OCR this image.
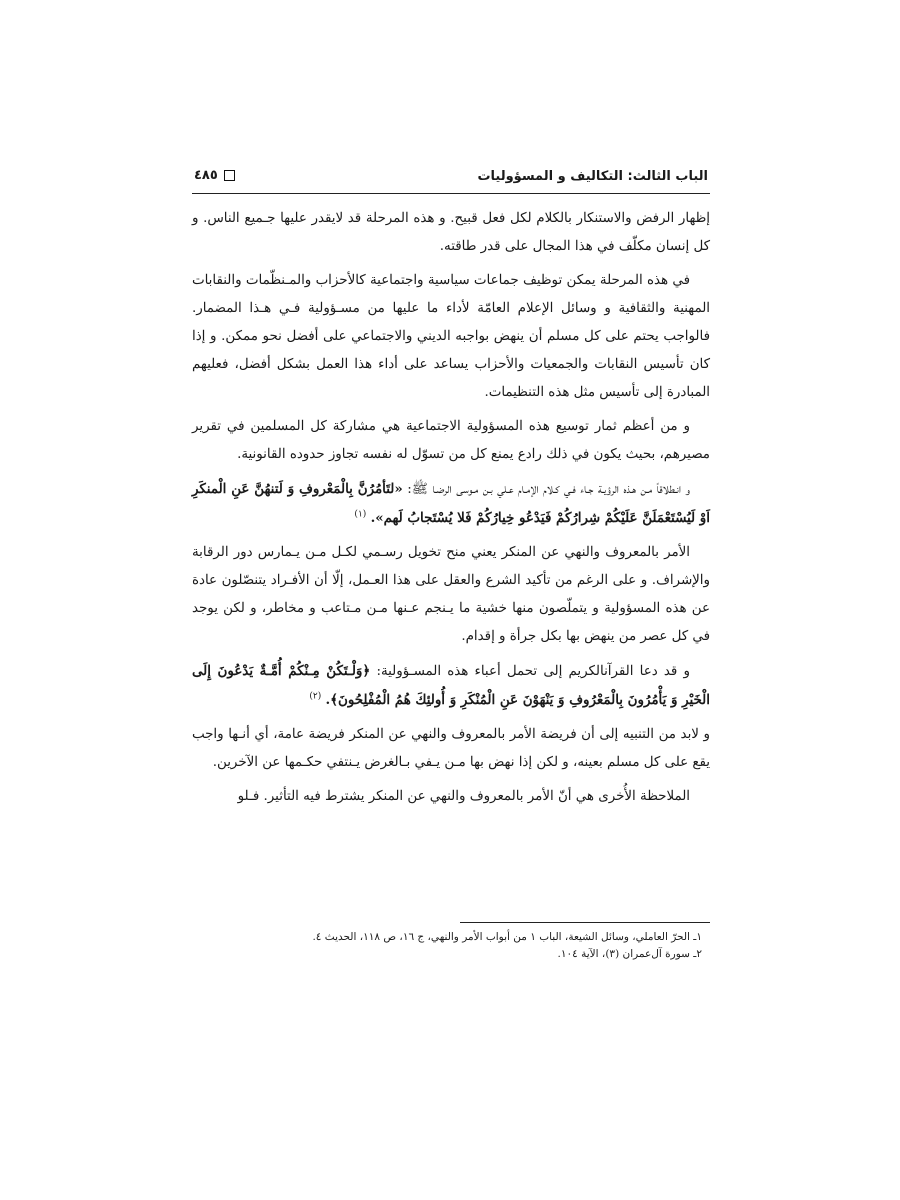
الباب الثالث: التكاليف و المسؤوليات
٤٨٥

إظهار الرفض والاستنكار بالكلام لكل فعل قبيح. و هذه المرحلة قد لايقدر عليها جـميع الناس. و كل إنسان مكلّف في هذا المجال على قدر طاقته.

في هذه المرحلة يمكن توظيف جماعات سياسية واجتماعية كالأحزاب والمـنظّمات والنقابات المهنية والثقافية و وسائل الإعلام العامّة لأداء ما عليها من مسـؤولية فـي هـذا المضمار. فالواجب يحتم على كل مسلم أن ينهض بواجبه الديني والاجتماعي على أفضل نحو ممكن. و إذا كان تأسيس النقابات والجمعيات والأحزاب يساعد على أداء هذا العمل بشكل أفضل، فعليهم المبادرة إلى تأسيس مثل هذه التنظيمات.

و من أعظم ثمار توسيع هذه المسؤولية الاجتماعية هي مشاركة كل المسلمين في تقرير مصيرهم، بحيث يكون في ذلك رادع يمنع كل من تسوّل له نفسه تجاوز حدوده القانونية.

و انـطلاقاً مـن هـذه الرؤيـة جـاء فـي كـلام الإمـام عـلي بـن مـوسى الرضـا ﷺ: «لتَأمُرُنَّ بِالْمَعْروفِ وَ لَتنهُنَّ عَنِ الْمنكَرِ اَوْ لَيُسْتَعْمَلَنَّ عَلَيْكُمْ شِرارُكُمْ فَيَدْعُو خِيارُكُمْ فَلا يُسْتَجابُ لَهم». $^{(١)}$

الأمر بالمعروف والنهي عن المنكر يعني منح تخويل رسـمي لكـل مـن يـمارس دور الرقابة والإشراف. و على الرغم من تأكيد الشرع والعقل على هذا العـمل، إلّا أن الأفـراد يتنصّلون عادة عن هذه المسؤولية و يتملّصون منها خشية ما يـنجم عـنها مـن مـتاعب و مخاطر، و لكن يوجد في كل عصر من ينهض بها بكل جرأة و إقدام.

و قد دعا القرآنالكريم إلى تحمل أعباء هذه المسـؤولية: ﴿وَلْـتَكُنْ مِـنْكُمْ أُمَّـةٌ يَدْعُونَ إِلَى الْخَيْرِ وَ يَأْمُرُونَ بِالْمَعْرُوفِ وَ يَنْهَوْنَ عَنِ الْمُنْكَرِ وَ أُولئِكَ هُمُ الْمُفْلِحُونَ﴾. $^{(٢)}$

و لابد من التنبيه إلى أن فريضة الأمر بالمعروف والنهي عن المنكر فريضة عامة، أي أنـها واجب يقع على كل مسلم بعينه، و لكن إذا نهض بها مـن يـفي بـالغرض يـنتفي حكـمها عن الآخرين.

الملاحظة الأُخرى هي أنّ الأمر بالمعروف والنهي عن المنكر يشترط فيه التأثير. فـلو

١ـ الحرّ العاملي، وسائل الشيعة، الباب ١ من أبواب الأمر والنهي، ج ١٦، ص ١١٨، الحديث ٤.
٢ـ سورة آل‌عمران (٣)، الآية ١٠٤.
